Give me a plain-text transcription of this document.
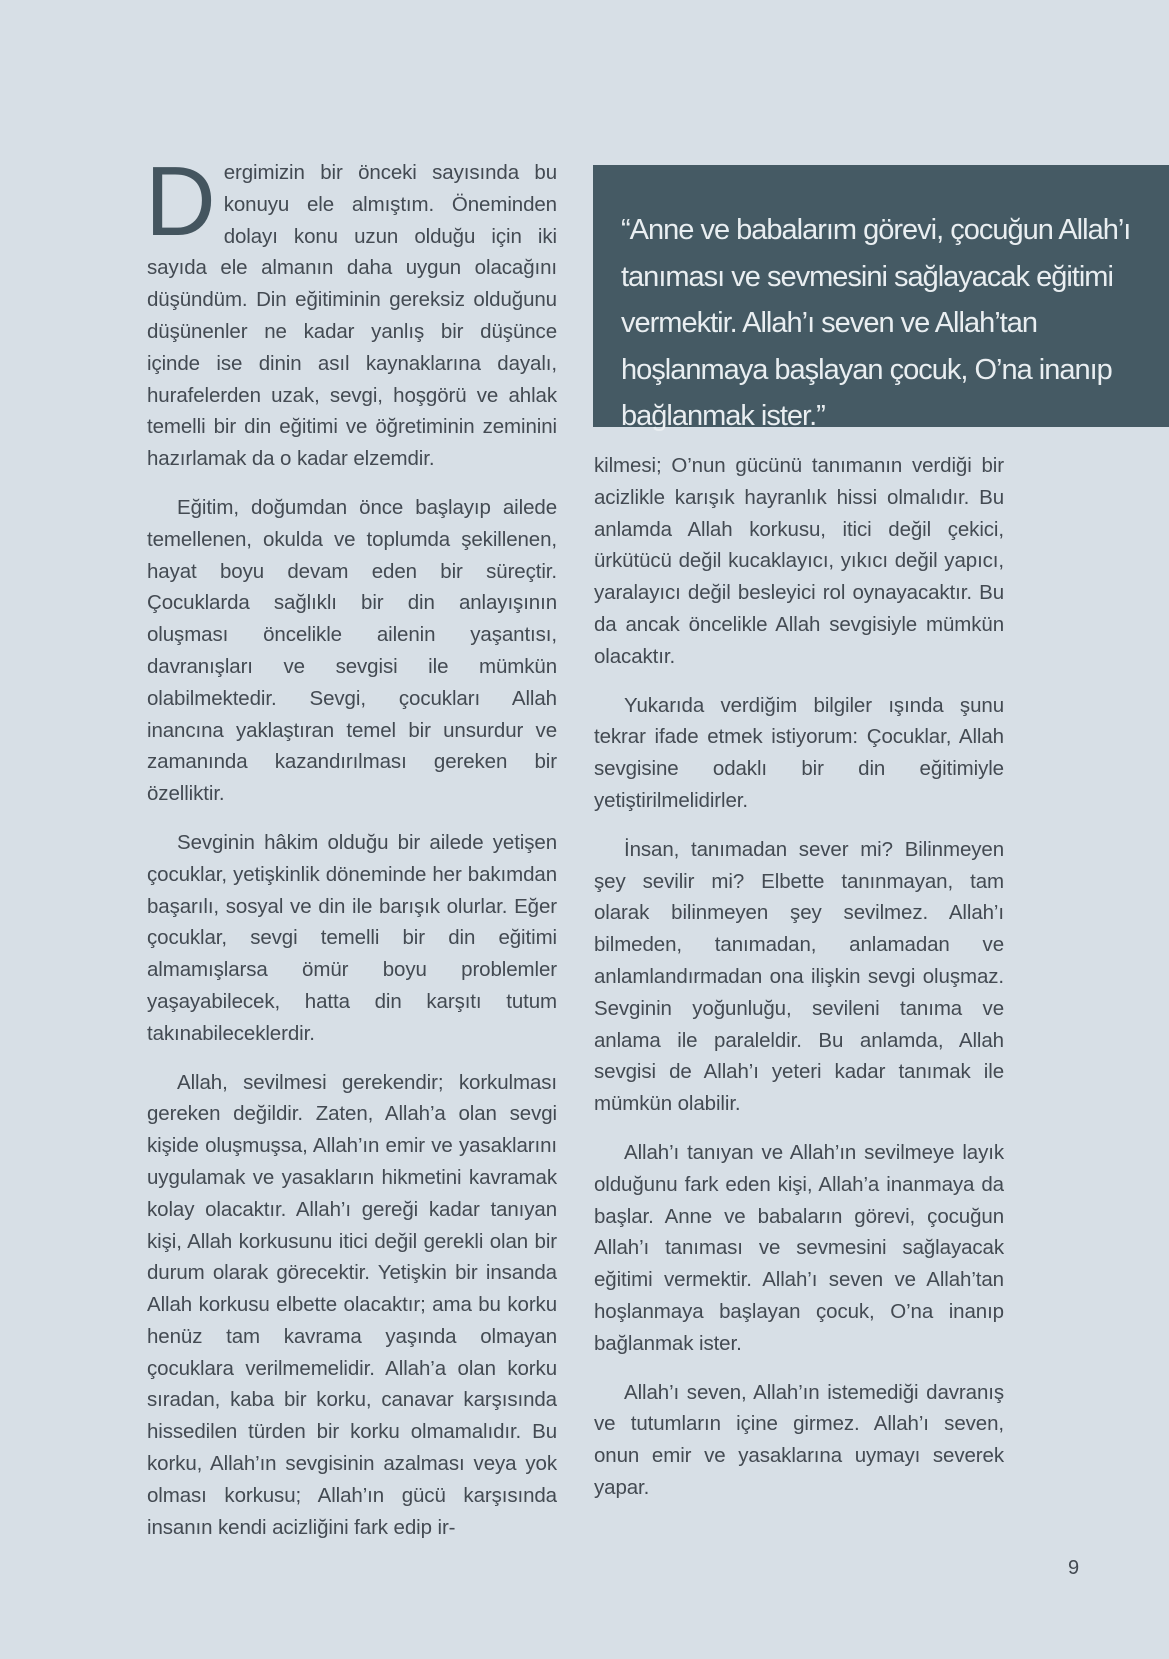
Dergimizin bir önceki sayısında bu konuyu ele almıştım. Öneminden dolayı konu uzun olduğu için iki sayıda ele almanın daha uygun olacağını düşündüm. Din eğitiminin gereksiz olduğunu düşünenler ne kadar yanlış bir düşünce içinde ise dinin asıl kaynaklarına dayalı, hurafelerden uzak, sevgi, hoşgörü ve ahlak temelli bir din eğitimi ve öğretiminin zeminini hazırlamak da o kadar elzemdir.

Eğitim, doğumdan önce başlayıp ailede temellenen, okulda ve toplumda şekillenen, hayat boyu devam eden bir süreçtir. Çocuklarda sağlıklı bir din anlayışının oluşması öncelikle ailenin yaşantısı, davranışları ve sevgisi ile mümkün olabilmektedir. Sevgi, çocukları Allah inancına yaklaştıran temel bir unsurdur ve zamanında kazandırılması gereken bir özelliktir.

Sevginin hâkim olduğu bir ailede yetişen çocuklar, yetişkinlik döneminde her bakımdan başarılı, sosyal ve din ile barışık olurlar. Eğer çocuklar, sevgi temelli bir din eğitimi almamışlarsa ömür boyu problemler yaşayabilecek, hatta din karşıtı tutum takınabileceklerdir.

Allah, sevilmesi gerekendir; korkulması gereken değildir. Zaten, Allah’a olan sevgi kişide oluşmuşsa, Allah’ın emir ve yasaklarını uygulamak ve yasakların hikmetini kavramak kolay olacaktır. Allah’ı gereği kadar tanıyan kişi, Allah korkusunu itici değil gerekli olan bir durum olarak görecektir. Yetişkin bir insanda Allah korkusu elbette olacaktır; ama bu korku henüz tam kavrama yaşında olmayan çocuklara verilmemelidir. Allah’a olan korku sıradan, kaba bir korku, canavar karşısında hissedilen türden bir korku olmamalıdır. Bu korku, Allah’ın sevgisinin azalması veya yok olması korkusu; Allah’ın gücü karşısında insanın kendi acizliğini fark edip ir-

“Anne ve babalarım görevi, çocuğun Allah’ı tanıması ve sevmesini sağlayacak eğitimi vermektir. Allah’ı seven ve Allah’tan hoşlanmaya başlayan çocuk, O’na inanıp bağlanmak ister.”

kilmesi; O’nun gücünü tanımanın verdiği bir acizlikle karışık hayranlık hissi olmalıdır. Bu anlamda Allah korkusu, itici değil çekici, ürkütücü değil kucaklayıcı, yıkıcı değil yapıcı, yaralayıcı değil besleyici rol oynayacaktır. Bu da ancak öncelikle Allah sevgisiyle mümkün olacaktır.

Yukarıda verdiğim bilgiler ışında şunu tekrar ifade etmek istiyorum: Çocuklar, Allah sevgisine odaklı bir din eğitimiyle yetiştirilmelidirler.

İnsan, tanımadan sever mi? Bilinmeyen şey sevilir mi? Elbette tanınmayan, tam olarak bilinmeyen şey sevilmez. Allah’ı bilmeden, tanımadan, anlamadan ve anlamlandırmadan ona ilişkin sevgi oluşmaz. Sevginin yoğunluğu, sevileni tanıma ve anlama ile paraleldir. Bu anlamda, Allah sevgisi de Allah’ı yeteri kadar tanımak ile mümkün olabilir.

Allah’ı tanıyan ve Allah’ın sevilmeye layık olduğunu fark eden kişi, Allah’a inanmaya da başlar. Anne ve babaların görevi, çocuğun Allah’ı tanıması ve sevmesini sağlayacak eğitimi vermektir. Allah’ı seven ve Allah’tan hoşlanmaya başlayan çocuk, O’na inanıp bağlanmak ister.

Allah’ı seven, Allah’ın istemediği davranış ve tutumların içine girmez. Allah’ı seven, onun emir ve yasaklarına uymayı severek yapar.

9
